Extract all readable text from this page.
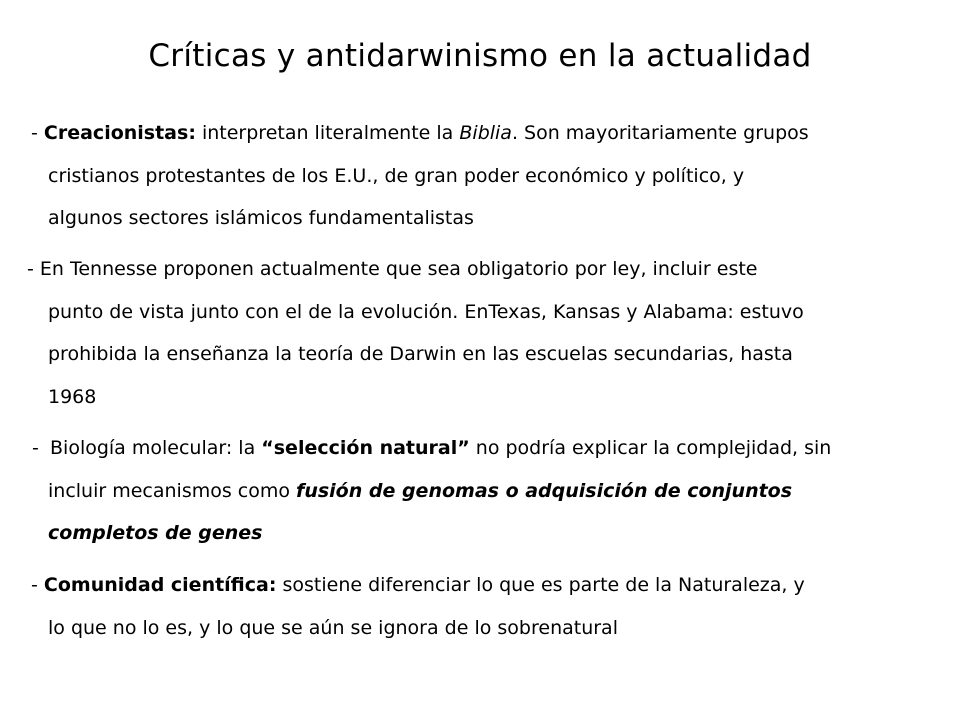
Críticas y antidarwinismo en la actualidad
- Creacionistas: interpretan literalmente la Biblia. Son mayoritariamente grupos
cristianos protestantes de los E.U., de gran poder económico y político, y
algunos sectores islámicos fundamentalistas
- En Tennesse proponen actualmente que sea obligatorio por ley, incluir este
punto de vista junto con el de la evolución. EnTexas, Kansas y Alabama: estuvo
prohibida la enseñanza la teoría de Darwin en las escuelas secundarias, hasta
1968
- Biología molecular: la “selección natural” no podría explicar la complejidad, sin
incluir mecanismos como fusión de genomas o adquisición de conjuntos
completos de genes
- Comunidad científica: sostiene diferenciar lo que es parte de la Naturaleza, y
lo que no lo es, y lo que se aún se ignora de lo sobrenatural
